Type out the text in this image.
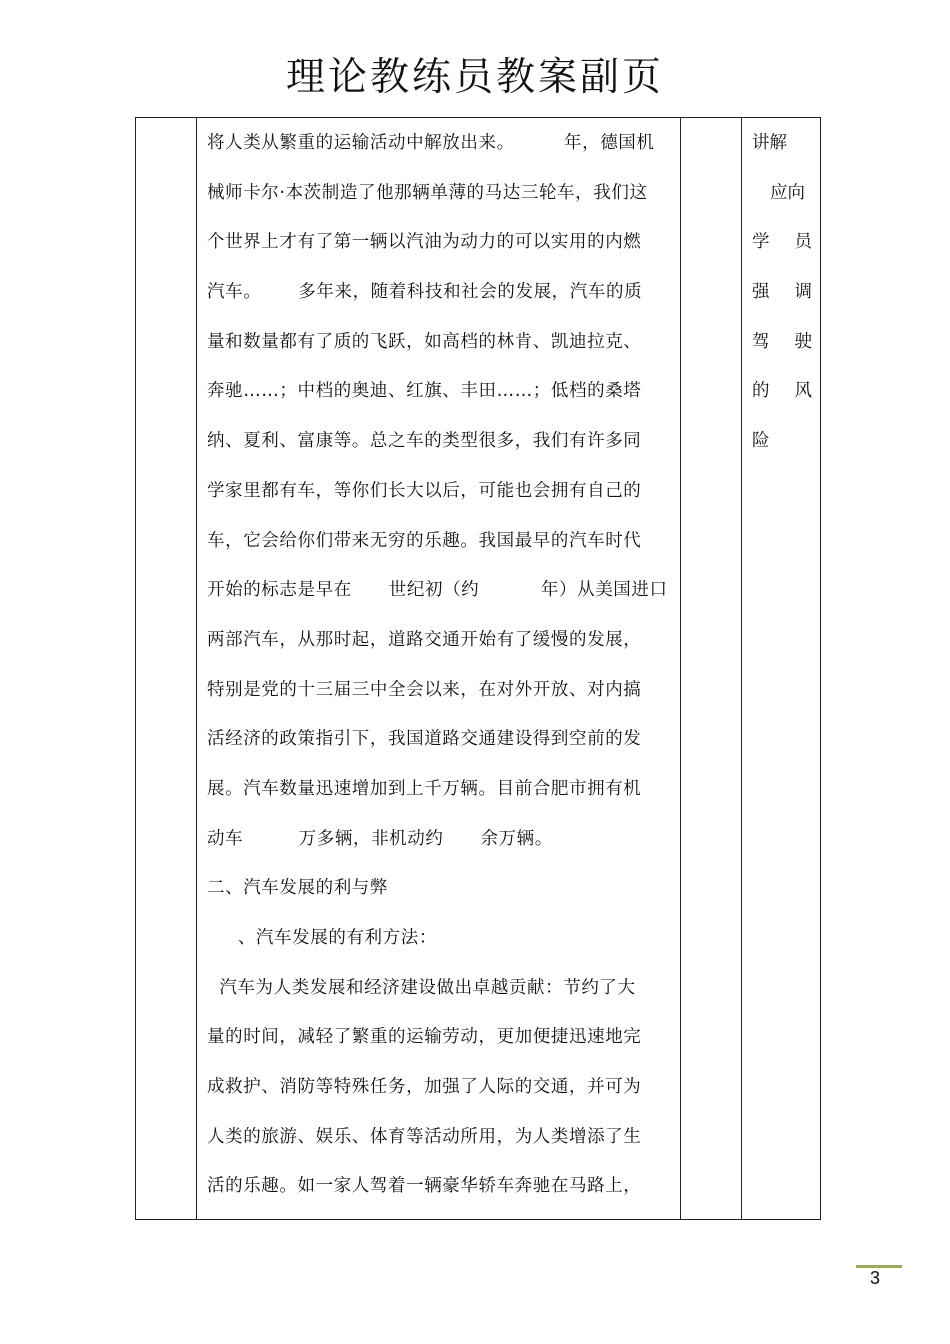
理论教练员教案副页

将人类从繁重的运输活动中解放出来。        年，德国机
械师卡尔·本茨制造了他那辆单薄的马达三轮车，我们这
个世界上才有了第一辆以汽油为动力的可以实用的内燃
汽车。      多年来，随着科技和社会的发展，汽车的质
量和数量都有了质的飞跃，如高档的林肯、凯迪拉克、
奔驰……；中档的奥迪、红旗、丰田……；低档的桑塔
纳、夏利、富康等。总之车的类型很多，我们有许多同
学家里都有车，等你们长大以后，可能也会拥有自己的
车，它会给你们带来无穷的乐趣。我国最早的汽车时代
开始的标志是早在      世纪初（约          年）从美国进口
两部汽车，从那时起，道路交通开始有了缓慢的发展，
特别是党的十三届三中全会以来，在对外开放、对内搞
活经济的政策指引下，我国道路交通建设得到空前的发
展。汽车数量迅速增加到上千万辆。目前合肥市拥有机
动车         万多辆，非机动约      余万辆。
二、汽车发展的利与弊
、汽车发展的有利方法：
汽车为人类发展和经济建设做出卓越贡献：节约了大
量的时间，减轻了繁重的运输劳动，更加便捷迅速地完
成救护、消防等特殊任务，加强了人际的交通，并可为
人类的旅游、娱乐、体育等活动所用，为人类增添了生
活的乐趣。如一家人驾着一辆豪华轿车奔驰在马路上，

讲解
应向
学 员
强 调
驾 驶
的 风
险
3
